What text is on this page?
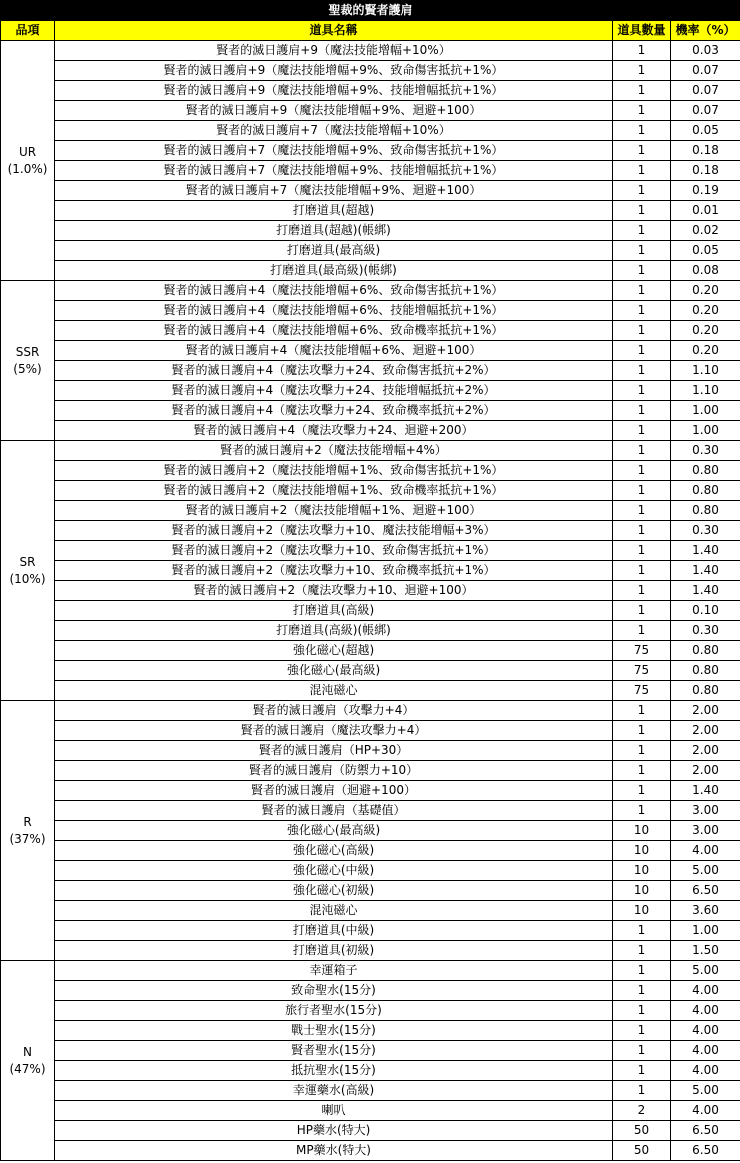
聖裁的賢者護肩			
品項	道具名稱	道具數量	機率（%）

UR
(1.0%)	賢者的滅日護肩+9（魔法技能增幅+10%）	1	0.03
	賢者的滅日護肩+9（魔法技能增幅+9%、致命傷害抵抗+1%）	1	0.07
	賢者的滅日護肩+9（魔法技能增幅+9%、技能增幅抵抗+1%）	1	0.07
	賢者的滅日護肩+9（魔法技能增幅+9%、迴避+100）	1	0.07
	賢者的滅日護肩+7（魔法技能增幅+10%）	1	0.05
	賢者的滅日護肩+7（魔法技能增幅+9%、致命傷害抵抗+1%）	1	0.18
	賢者的滅日護肩+7（魔法技能增幅+9%、技能增幅抵抗+1%）	1	0.18
	賢者的滅日護肩+7（魔法技能增幅+9%、迴避+100）	1	0.19
	打磨道具(超越)	1	0.01
	打磨道具(超越)(帳綁)	1	0.02
	打磨道具(最高級)	1	0.05
	打磨道具(最高級)(帳綁)	1	0.08

SSR
(5%)	賢者的滅日護肩+4（魔法技能增幅+6%、致命傷害抵抗+1%）	1	0.20
	賢者的滅日護肩+4（魔法技能增幅+6%、技能增幅抵抗+1%）	1	0.20
	賢者的滅日護肩+4（魔法技能增幅+6%、致命機率抵抗+1%）	1	0.20
	賢者的滅日護肩+4（魔法技能增幅+6%、迴避+100）	1	0.20
	賢者的滅日護肩+4（魔法攻擊力+24、致命傷害抵抗+2%）	1	1.10
	賢者的滅日護肩+4（魔法攻擊力+24、技能增幅抵抗+2%）	1	1.10
	賢者的滅日護肩+4（魔法攻擊力+24、致命機率抵抗+2%）	1	1.00
	賢者的滅日護肩+4（魔法攻擊力+24、迴避+200）	1	1.00

SR
(10%)	賢者的滅日護肩+2（魔法技能增幅+4%）	1	0.30
	賢者的滅日護肩+2（魔法技能增幅+1%、致命傷害抵抗+1%）	1	0.80
	賢者的滅日護肩+2（魔法技能增幅+1%、致命機率抵抗+1%）	1	0.80
	賢者的滅日護肩+2（魔法技能增幅+1%、迴避+100）	1	0.80
	賢者的滅日護肩+2（魔法攻擊力+10、魔法技能增幅+3%）	1	0.30
	賢者的滅日護肩+2（魔法攻擊力+10、致命傷害抵抗+1%）	1	1.40
	賢者的滅日護肩+2（魔法攻擊力+10、致命機率抵抗+1%）	1	1.40
	賢者的滅日護肩+2（魔法攻擊力+10、迴避+100）	1	1.40
	打磨道具(高級)	1	0.10
	打磨道具(高級)(帳綁)	1	0.30
	強化磁心(超越)	75	0.80
	強化磁心(最高級)	75	0.80
	混沌磁心	75	0.80

R
(37%)	賢者的滅日護肩（攻擊力+4）	1	2.00
	賢者的滅日護肩（魔法攻擊力+4）	1	2.00
	賢者的滅日護肩（HP+30）	1	2.00
	賢者的滅日護肩（防禦力+10）	1	2.00
	賢者的滅日護肩（迴避+100）	1	1.40
	賢者的滅日護肩（基礎值）	1	3.00
	強化磁心(最高級)	10	3.00
	強化磁心(高級)	10	4.00
	強化磁心(中級)	10	5.00
	強化磁心(初級)	10	6.50
	混沌磁心	10	3.60
	打磨道具(中級)	1	1.00
	打磨道具(初級)	1	1.50

N
(47%)	幸運箱子	1	5.00
	致命聖水(15分)	1	4.00
	旅行者聖水(15分)	1	4.00
	戰士聖水(15分)	1	4.00
	賢者聖水(15分)	1	4.00
	抵抗聖水(15分)	1	4.00
	幸運藥水(高級)	1	5.00
	喇叭	2	4.00
	HP藥水(特大)	50	6.50
	MP藥水(特大)	50	6.50
